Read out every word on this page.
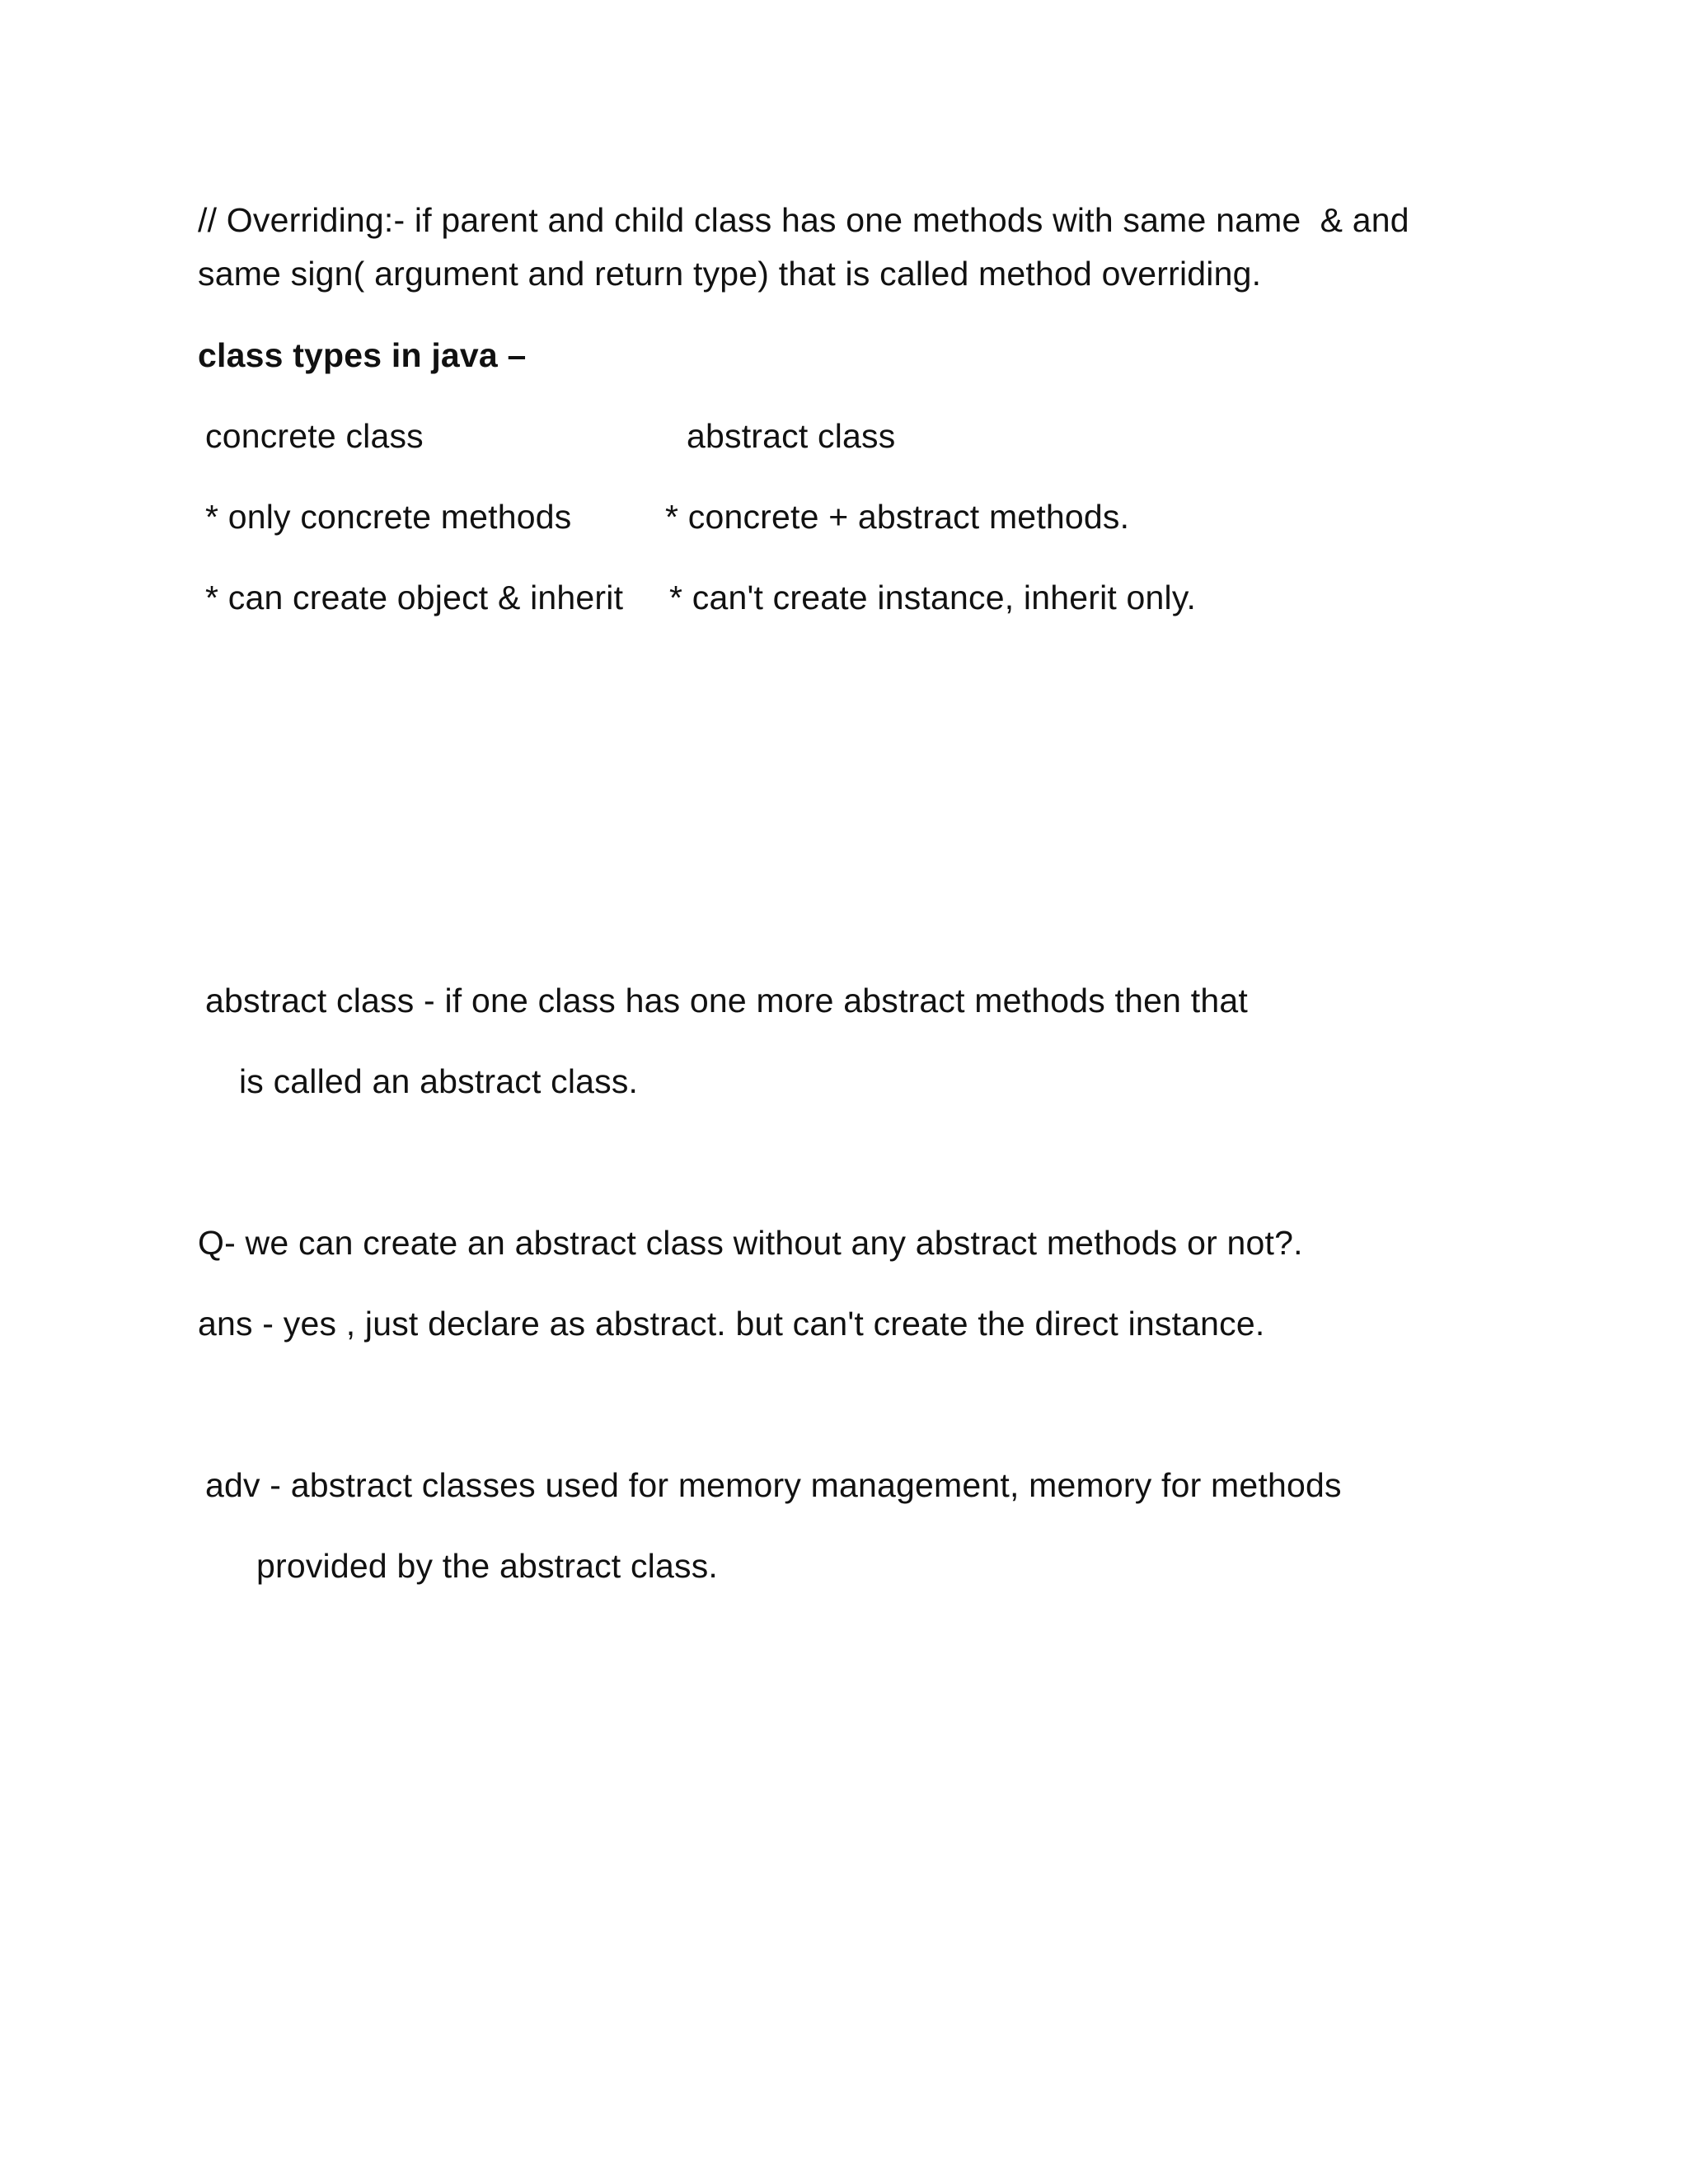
// Overriding:- if parent and child class has one methods with same name  & and
same sign( argument and return type) that is called method overriding.
class types in java –
concrete class	abstract class
* only concrete methods	* concrete + abstract methods.
* can create object & inherit * can't create instance, inherit only.
abstract class - if one class has one more abstract methods then that
is called an abstract class.
Q- we can create an abstract class without any abstract methods or not?.
ans - yes , just declare as abstract. but can't create the direct instance.
adv - abstract classes used for memory management, memory for methods
provided by the abstract class.
